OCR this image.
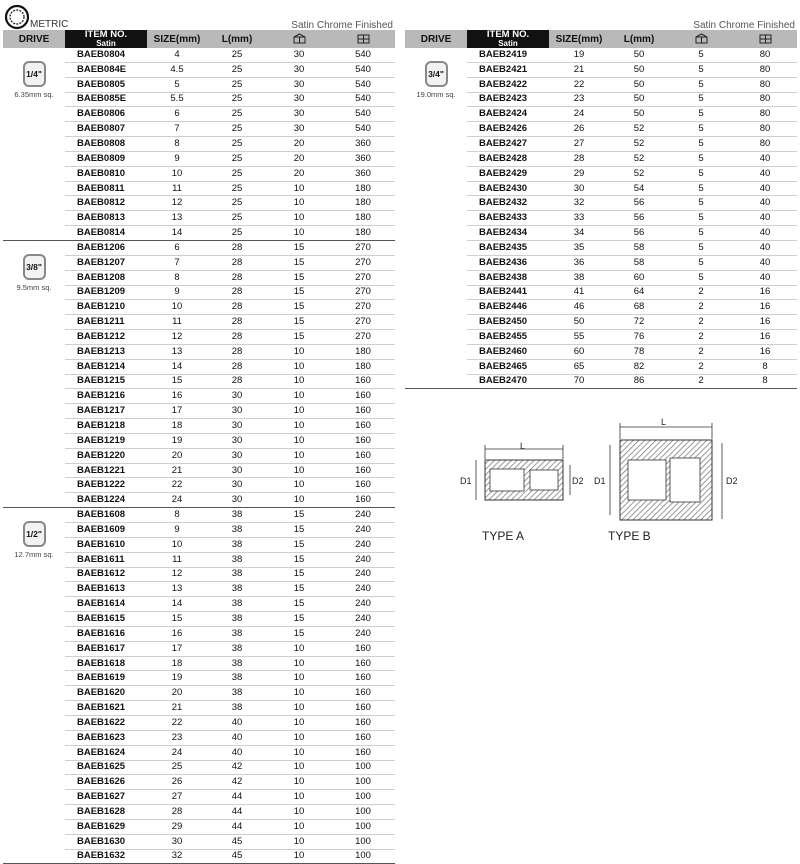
METRIC	Satin Chrome Finished
DRIVE	ITEM NO.
Satin	SIZE(mm)	L(mm)		

1/4"
6.35mm sq.	BAEB0804	4	25	30	540
	BAEB084E	4.5	25	30	540
	BAEB0805	5	25	30	540
	BAEB085E	5.5	25	30	540
	BAEB0806	6	25	30	540
	BAEB0807	7	25	30	540
	BAEB0808	8	25	20	360
	BAEB0809	9	25	20	360
	BAEB0810	10	25	20	360
	BAEB0811	11	25	10	180
	BAEB0812	12	25	10	180
	BAEB0813	13	25	10	180
	BAEB0814	14	25	10	180

3/8"
9.5mm sq.	BAEB1206	6	28	15	270
	BAEB1207	7	28	15	270
	BAEB1208	8	28	15	270
	BAEB1209	9	28	15	270
	BAEB1210	10	28	15	270
	BAEB1211	11	28	15	270
	BAEB1212	12	28	15	270
	BAEB1213	13	28	10	180
	BAEB1214	14	28	10	180
	BAEB1215	15	28	10	160
	BAEB1216	16	30	10	160
	BAEB1217	17	30	10	160
	BAEB1218	18	30	10	160
	BAEB1219	19	30	10	160
	BAEB1220	20	30	10	160
	BAEB1221	21	30	10	160
	BAEB1222	22	30	10	160
	BAEB1224	24	30	10	160

1/2"
12.7mm sq.	BAEB1608	8	38	15	240
	BAEB1609	9	38	15	240
	BAEB1610	10	38	15	240
	BAEB1611	11	38	15	240
	BAEB1612	12	38	15	240
	BAEB1613	13	38	15	240
	BAEB1614	14	38	15	240
	BAEB1615	15	38	15	240
	BAEB1616	16	38	15	240
	BAEB1617	17	38	10	160
	BAEB1618	18	38	10	160
	BAEB1619	19	38	10	160
	BAEB1620	20	38	10	160
	BAEB1621	21	38	10	160
	BAEB1622	22	40	10	160
	BAEB1623	23	40	10	160
	BAEB1624	24	40	10	160
	BAEB1625	25	42	10	100
	BAEB1626	26	42	10	100
	BAEB1627	27	44	10	100
	BAEB1628	28	44	10	100
	BAEB1629	29	44	10	100
	BAEB1630	30	45	10	100
	BAEB1632	32	45	10	100
Satin Chrome Finished
DRIVE	ITEM NO.
Satin	SIZE(mm)	L(mm)		

3/4"
19.0mm sq.	BAEB2419	19	50	5	80
	BAEB2421	21	50	5	80
	BAEB2422	22	50	5	80
	BAEB2423	23	50	5	80
	BAEB2424	24	50	5	80
	BAEB2426	26	52	5	80
	BAEB2427	27	52	5	80
	BAEB2428	28	52	5	40
	BAEB2429	29	52	5	40
	BAEB2430	30	54	5	40
	BAEB2432	32	56	5	40
	BAEB2433	33	56	5	40
	BAEB2434	34	56	5	40
	BAEB2435	35	58	5	40
	BAEB2436	36	58	5	40
	BAEB2438	38	60	5	40
	BAEB2441	41	64	2	16
	BAEB2446	46	68	2	16
	BAEB2450	50	72	2	16
	BAEB2455	55	76	2	16
	BAEB2460	60	78	2	16
	BAEB2465	65	82	2	8
	BAEB2470	70	86	2	8
L
D1	D2
L
D1	D2
TYPE A	TYPE B
